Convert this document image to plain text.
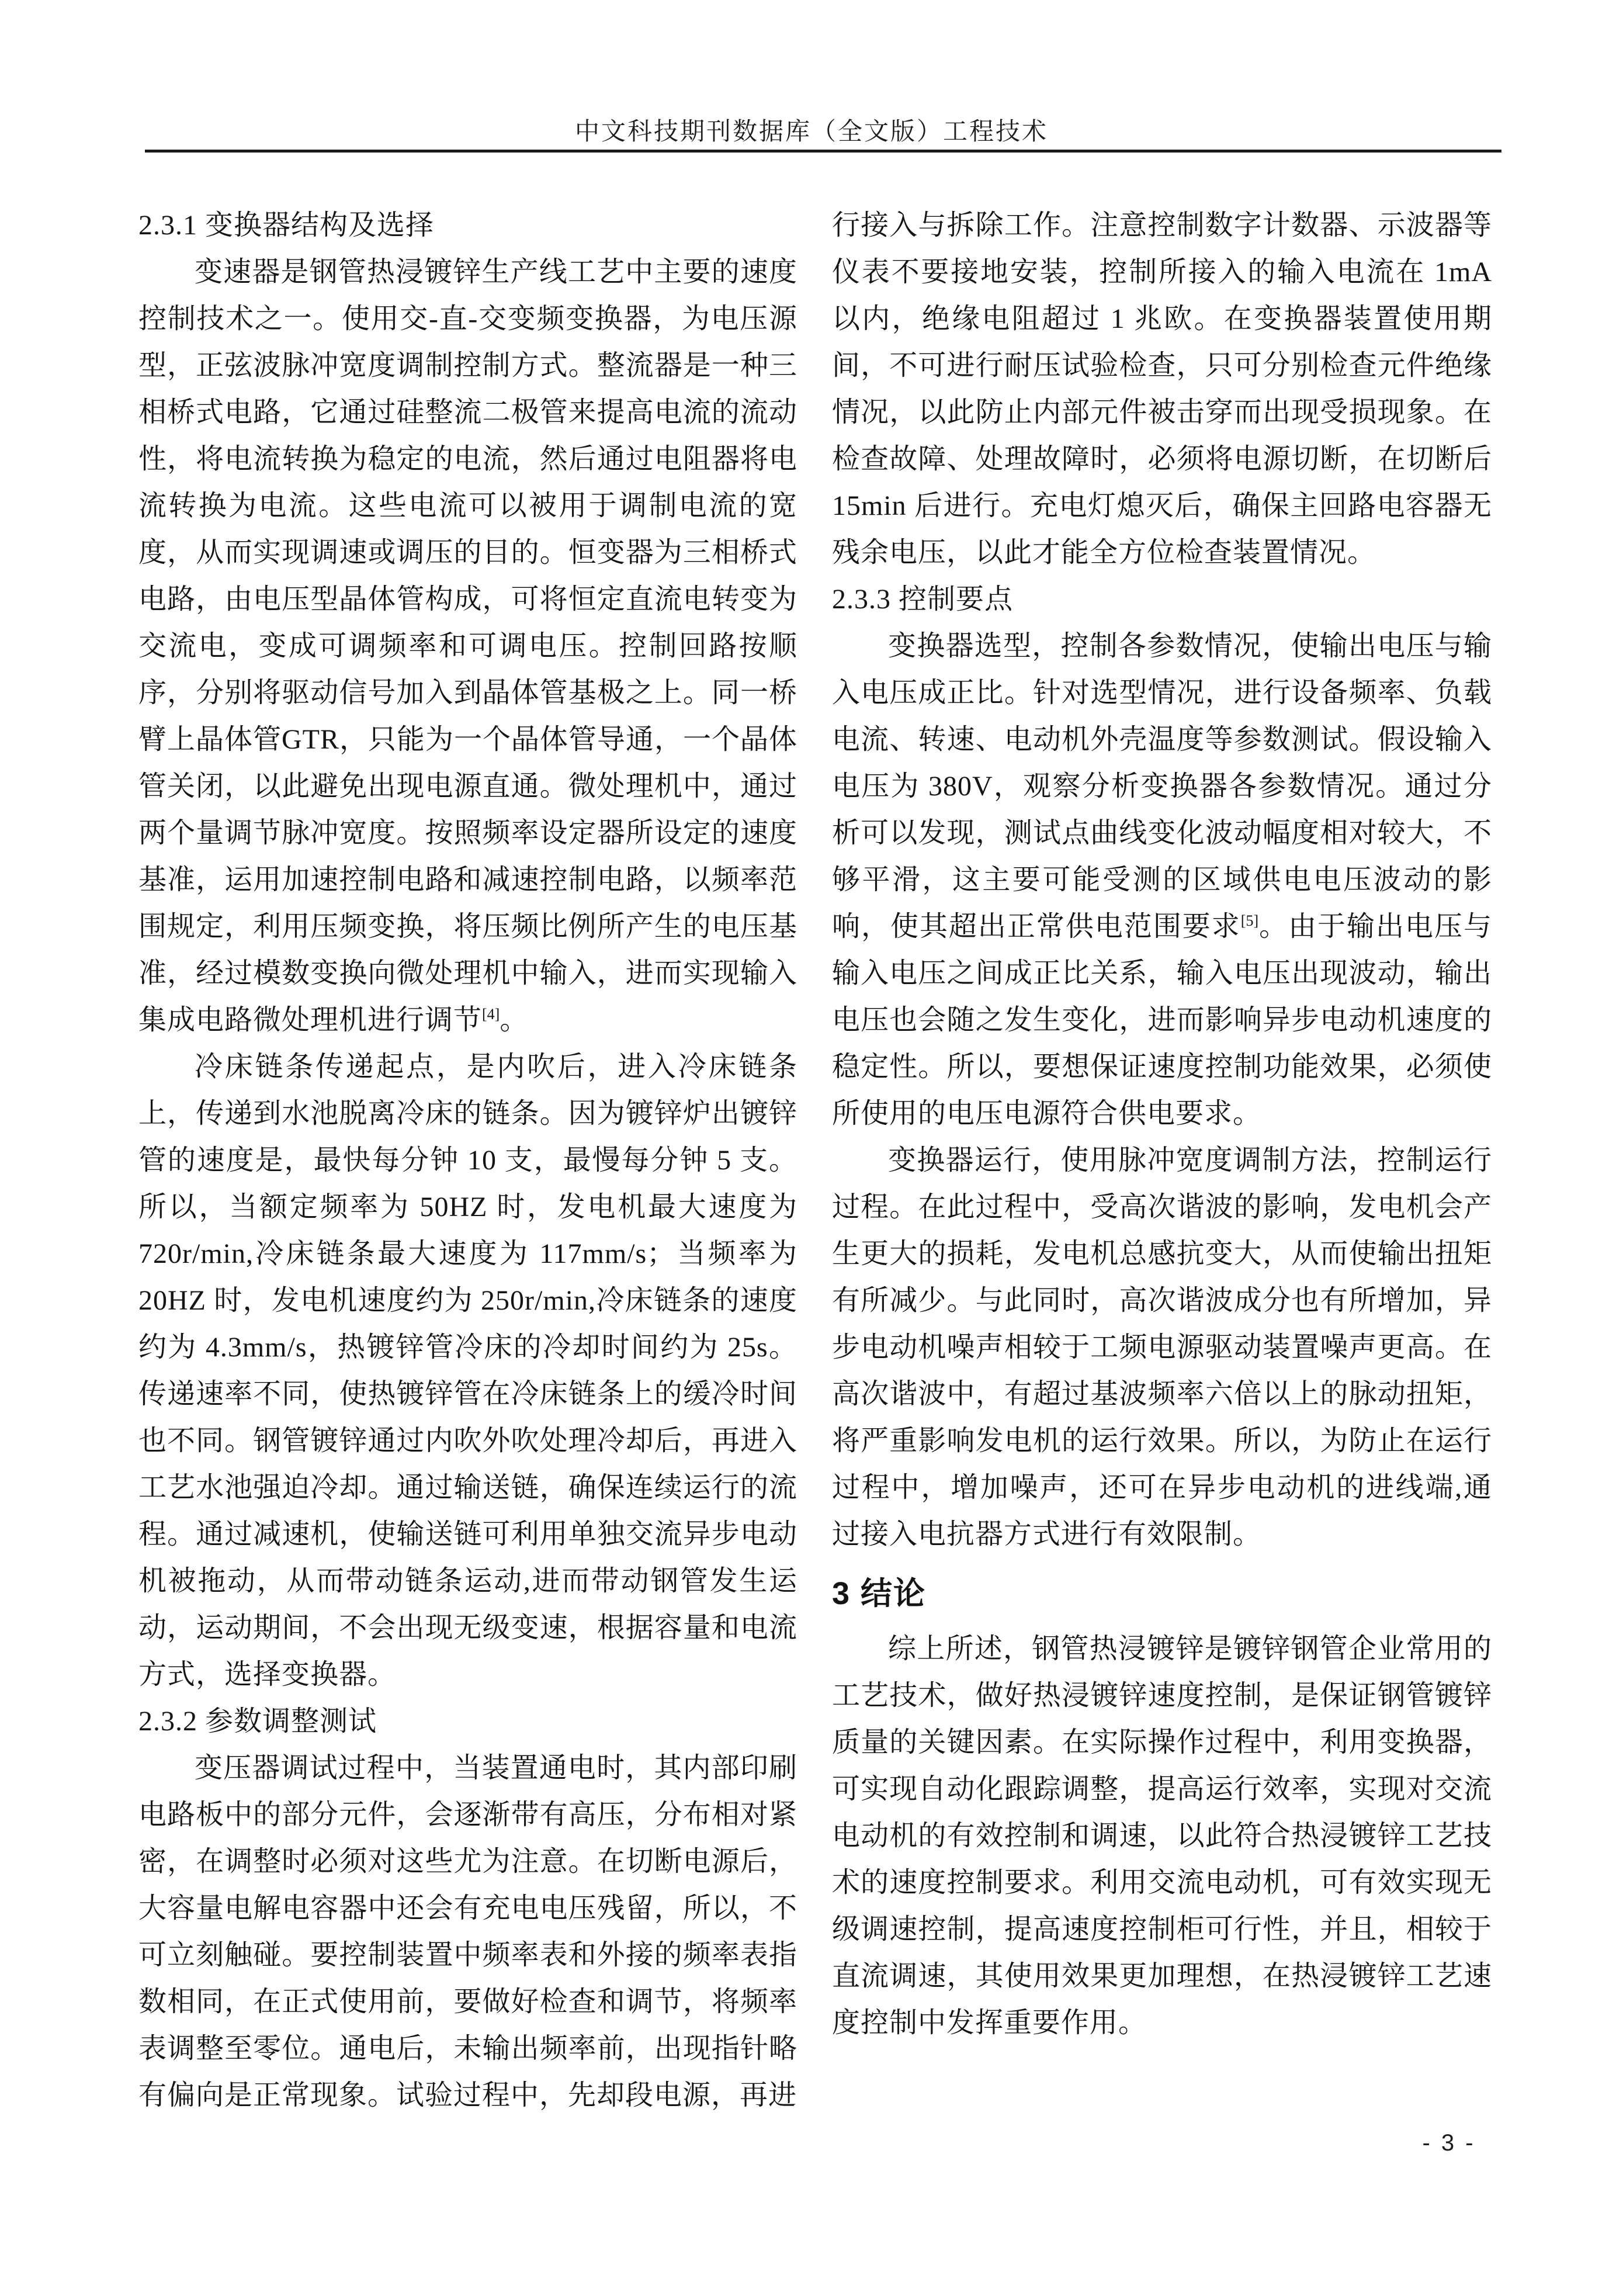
中文科技期刊数据库（全文版）工程技术
2.3.1 变换器结构及选择

变速器是钢管热浸镀锌生产线工艺中主要的速度控制技术之一。使用交-直-交变频变换器，为电压源型，正弦波脉冲宽度调制控制方式。整流器是一种三相桥式电路，它通过硅整流二极管来提高电流的流动性，将电流转换为稳定的电流，然后通过电阻器将电流转换为电流。这些电流可以被用于调制电流的宽度，从而实现调速或调压的目的。恒变器为三相桥式电路，由电压型晶体管构成，可将恒定直流电转变为交流电，变成可调频率和可调电压。控制回路按顺序，分别将驱动信号加入到晶体管基极之上。同一桥臂上晶体管GTR，只能为一个晶体管导通，一个晶体管关闭，以此避免出现电源直通。微处理机中，通过两个量调节脉冲宽度。按照频率设定器所设定的速度基准，运用加速控制电路和减速控制电路，以频率范围规定，利用压频变换，将压频比例所产生的电压基准，经过模数变换向微处理机中输入，进而实现输入集成电路微处理机进行调节[4]。

冷床链条传递起点，是内吹后，进入冷床链条上，传递到水池脱离冷床的链条。因为镀锌炉出镀锌管的速度是，最快每分钟 10 支，最慢每分钟 5 支。所以，当额定频率为 50HZ 时，发电机最大速度为 720r/min,冷床链条最大速度为 117mm/s；当频率为 20HZ 时，发电机速度约为 250r/min,冷床链条的速度约为 4.3mm/s，热镀锌管冷床的冷却时间约为 25s。传递速率不同，使热镀锌管在冷床链条上的缓冷时间也不同。钢管镀锌通过内吹外吹处理冷却后，再进入工艺水池强迫冷却。通过输送链，确保连续运行的流程。通过减速机，使输送链可利用单独交流异步电动机被拖动，从而带动链条运动,进而带动钢管发生运动，运动期间，不会出现无级变速，根据容量和电流方式，选择变换器。

2.3.2 参数调整测试

变压器调试过程中，当装置通电时，其内部印刷电路板中的部分元件，会逐渐带有高压，分布相对紧密，在调整时必须对这些尤为注意。在切断电源后，大容量电解电容器中还会有充电电压残留，所以，不可立刻触碰。要控制装置中频率表和外接的频率表指数相同，在正式使用前，要做好检查和调节，将频率表调整至零位。通电后，未输出频率前，出现指针略有偏向是正常现象。试验过程中，先却段电源，再进

行接入与拆除工作。注意控制数字计数器、示波器等仪表不要接地安装，控制所接入的输入电流在 1mA 以内，绝缘电阻超过 1 兆欧。在变换器装置使用期间，不可进行耐压试验检查，只可分别检查元件绝缘情况，以此防止内部元件被击穿而出现受损现象。在检查故障、处理故障时，必须将电源切断，在切断后 15min 后进行。充电灯熄灭后，确保主回路电容器无残余电压，以此才能全方位检查装置情况。

2.3.3 控制要点

变换器选型，控制各参数情况，使输出电压与输入电压成正比。针对选型情况，进行设备频率、负载电流、转速、电动机外壳温度等参数测试。假设输入电压为 380V，观察分析变换器各参数情况。通过分析可以发现，测试点曲线变化波动幅度相对较大，不够平滑，这主要可能受测的区域供电电压波动的影响，使其超出正常供电范围要求[5]。由于输出电压与输入电压之间成正比关系，输入电压出现波动，输出电压也会随之发生变化，进而影响异步电动机速度的稳定性。所以，要想保证速度控制功能效果，必须使所使用的电压电源符合供电要求。

变换器运行，使用脉冲宽度调制方法，控制运行过程。在此过程中，受高次谐波的影响，发电机会产生更大的损耗，发电机总感抗变大，从而使输出扭矩有所减少。与此同时，高次谐波成分也有所增加，异步电动机噪声相较于工频电源驱动装置噪声更高。在高次谐波中，有超过基波频率六倍以上的脉动扭矩，将严重影响发电机的运行效果。所以，为防止在运行过程中，增加噪声，还可在异步电动机的进线端,通过接入电抗器方式进行有效限制。

3 结论

综上所述，钢管热浸镀锌是镀锌钢管企业常用的工艺技术，做好热浸镀锌速度控制，是保证钢管镀锌质量的关键因素。在实际操作过程中，利用变换器，可实现自动化跟踪调整，提高运行效率，实现对交流电动机的有效控制和调速，以此符合热浸镀锌工艺技术的速度控制要求。利用交流电动机，可有效实现无级调速控制，提高速度控制柜可行性，并且，相较于直流调速，其使用效果更加理想，在热浸镀锌工艺速度控制中发挥重要作用。

- 3 -
